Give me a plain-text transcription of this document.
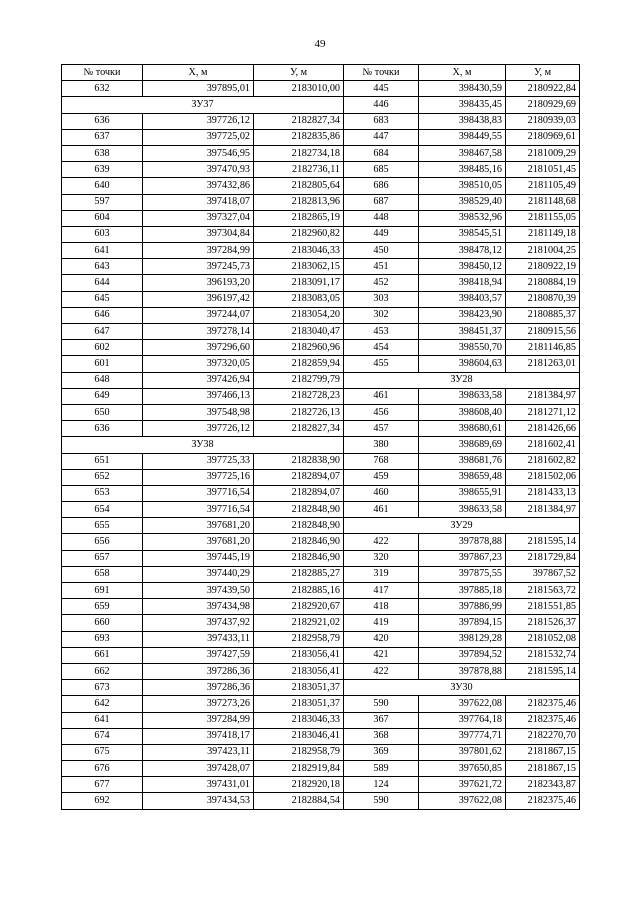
49
№ точки	X, м	У, м	№ точки	X, м	У, м
632	397895,01	2183010,00	445	398430,59	2180922,84
ЗУ37			446	398435,45	2180929,69
636	397726,12	2182827,34	683	398438,83	2180939,03
637	397725,02	2182835,86	447	398449,55	2180969,61
638	397546,95	2182734,18	684	398467,58	2181009,29
639	397470,93	2182736,11	685	398485,16	2181051,45
640	397432,86	2182805,64	686	398510,05	2181105,49
597	397418,07	2182813,96	687	398529,40	2181148,68
604	397327,04	2182865,19	448	398532,96	2181155,05
603	397304,84	2182960,82	449	398545,51	2181149,18
641	397284,99	2183046,33	450	398478,12	2181004,25
643	397245,73	2183062,15	451	398450,12	2180922,19
644	396193,20	2183091,17	452	398418,94	2180884,19
645	396197,42	2183083,05	303	398403,57	2180870,39
646	397244,07	2183054,20	302	398423,90	2180885,37
647	397278,14	2183040,47	453	398451,37	2180915,56
602	397296,60	2182960,96	454	398550,70	2181146,85
601	397320,05	2182859,94	455	398604,63	2181263,01
648	397426,94	2182799,79	ЗУ28		
649	397466,13	2182728,23	461	398633,58	2181384,97
650	397548,98	2182726,13	456	398608,40	2181271,12
636	397726,12	2182827,34	457	398680,61	2181426,66
ЗУ38			380	398689,69	2181602,41
651	397725,33	2182838,90	768	398681,76	2181602,82
652	397725,16	2182894,07	459	398659,48	2181502,06
653	397716,54	2182894,07	460	398655,91	2181433,13
654	397716,54	2182848,90	461	398633,58	2181384,97
655	397681,20	2182848,90	ЗУ29		
656	397681,20	2182846,90	422	397878,88	2181595,14
657	397445,19	2182846,90	320	397867,23	2181729,84
658	397440,29	2182885,27	319	397875,55	397867,52
691	397439,50	2182885,16	417	397885,18	2181563,72
659	397434,98	2182920,67	418	397886,99	2181551,85
660	397437,92	2182921,02	419	397894,15	2181526,37
693	397433,11	2182958,79	420	398129,28	2181052,08
661	397427,59	2183056,41	421	397894,52	2181532,74
662	397286,36	2183056,41	422	397878,88	2181595,14
673	397286,36	2183051,37	ЗУ30		
642	397273,26	2183051,37	590	397622,08	2182375,46
641	397284,99	2183046,33	367	397764,18	2182375,46
674	397418,17	2183046,41	368	397774,71	2182270,70
675	397423,11	2182958,79	369	397801,62	2181867,15
676	397428,07	2182919,84	589	397650,85	2181867,15
677	397431,01	2182920,18	124	397621,72	2182343,87
692	397434,53	2182884,54	590	397622,08	2182375,46
